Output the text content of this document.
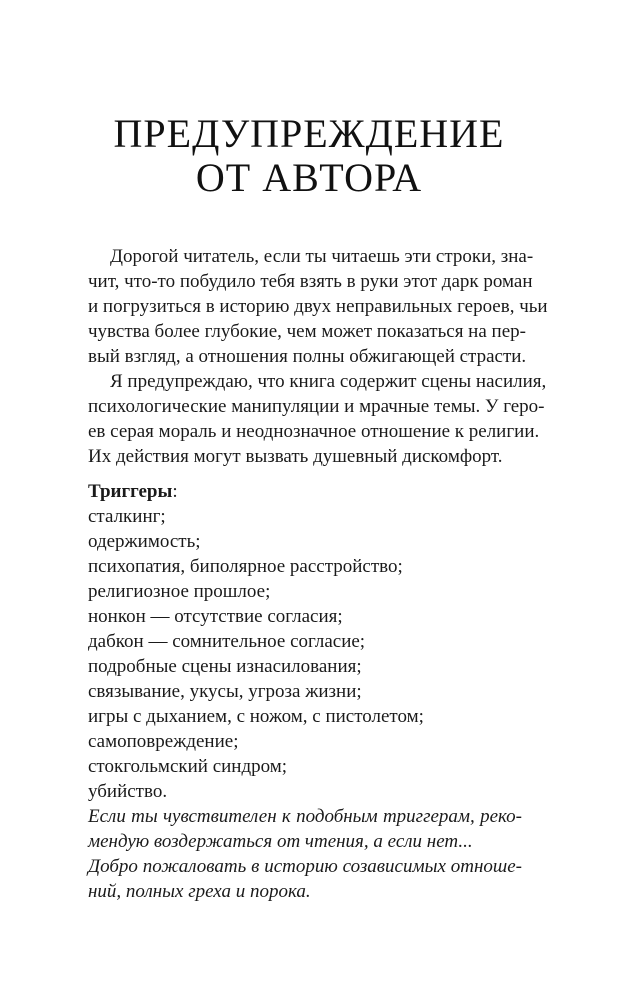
ПРЕДУПРЕЖДЕНИЕ
ОТ АВТОРА
Дорогой читатель, если ты читаешь эти строки, зна-
чит, что-то побудило тебя взять в руки этот дарк роман
и погрузиться в историю двух неправильных героев, чьи
чувства более глубокие, чем может показаться на пер-
вый взгляд, а отношения полны обжигающей страсти.
Я предупреждаю, что книга содержит сцены насилия,
психологические манипуляции и мрачные темы. У геро-
ев серая мораль и неоднозначное отношение к религии.
Их действия могут вызвать душевный дискомфорт.
Триггеры:
сталкинг;
одержимость;
психопатия, биполярное расстройство;
религиозное прошлое;
нонкон — отсутствие согласия;
дабкон — сомнительное согласие;
подробные сцены изнасилования;
связывание, укусы, угроза жизни;
игры с дыханием, с ножом, с пистолетом;
самоповреждение;
стокгольмский синдром;
убийство.
Если ты чувствителен к подобным триггерам, реко-
мендую воздержаться от чтения, а если нет...
Добро пожаловать в историю созависимых отноше-
ний, полных греха и порока.
